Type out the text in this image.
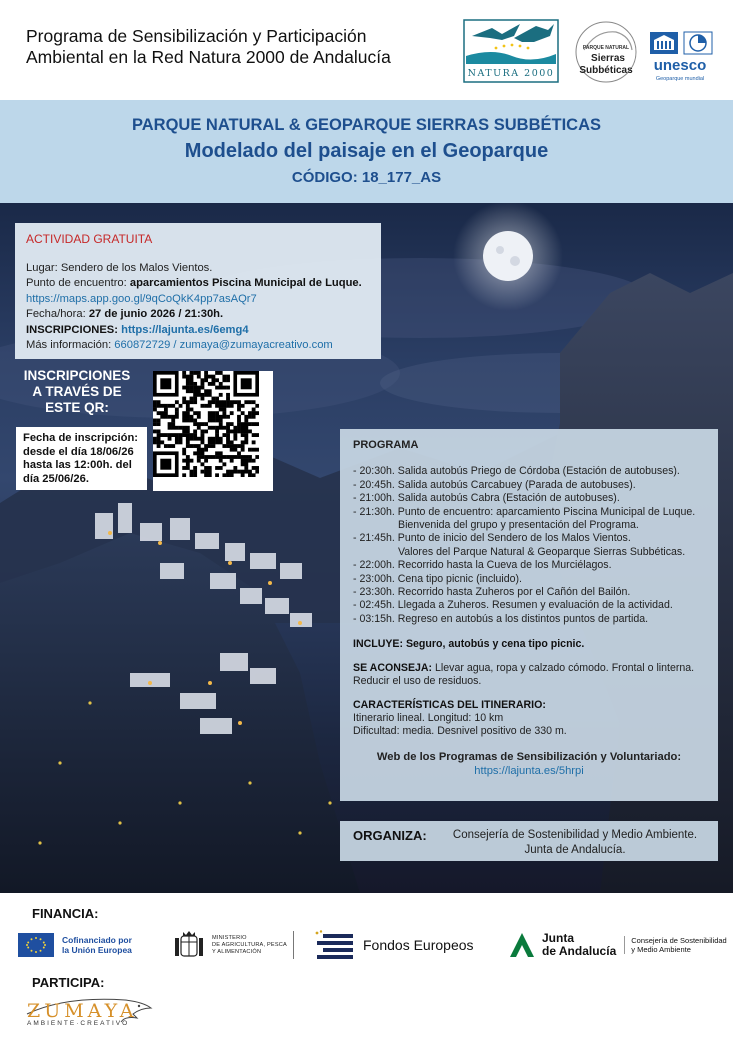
Programa de Sensibilización y Participación
Ambiental en la Red Natura 2000 de Andalucía
NATURA 2000
PARQUE NATURAL
Sierras
Subbéticas unesco
Geoparque mundial
PARQUE NATURAL & GEOPARQUE SIERRAS SUBBÉTICAS
Modelado del paisaje en el Geoparque
CÓDIGO: 18_177_AS
ACTIVIDAD GRATUITA
Lugar: Sendero de los Malos Vientos.
Punto de encuentro: aparcamientos Piscina Municipal de Luque.
https://maps.app.goo.gl/9qCoQkK4pp7asAQr7
Fecha/hora: 27 de junio 2026 / 21:30h.
INSCRIPCIONES: https://lajunta.es/6emg4
Más información: 660872729 / zumaya@zumayacreativo.com
INSCRIPCIONES
A TRAVÉS DE
ESTE QR:
Fecha de inscripción:
desde el día 18/06/26
hasta las 12:00h. del
día 25/06/26.
PROGRAMA
- 20:30h. Salida autobús Priego de Córdoba (Estación de autobuses).
- 20:45h. Salida autobús Carcabuey (Parada de autobuses).
- 21:00h. Salida autobús Cabra (Estación de autobuses).
- 21:30h. Punto de encuentro: aparcamiento Piscina Municipal de Luque.
Bienvenida del grupo y presentación del Programa.
- 21:45h. Punto de inicio del Sendero de los Malos Vientos.
Valores del Parque Natural & Geoparque Sierras Subbéticas.
- 22:00h. Recorrido hasta la Cueva de los Murciélagos.
- 23:00h. Cena tipo picnic (incluido).
- 23:30h. Recorrido hasta Zuheros por el Cañón del Bailón.
- 02:45h. Llegada a Zuheros. Resumen y evaluación de la actividad.
- 03:15h. Regreso en autobús a los distintos puntos de partida.
INCLUYE: Seguro, autobús y cena tipo picnic.
SE ACONSEJA: Llevar agua, ropa y calzado cómodo. Frontal o linterna. Reducir el uso de residuos.
CARACTERÍSTICAS DEL ITINERARIO:
Itinerario lineal. Longitud: 10 km
Dificultad: media. Desnivel positivo de 330 m.
Web de los Programas de Sensibilización y Voluntariado:
https://lajunta.es/5hrpi
ORGANIZA:	Consejería de Sostenibilidad y Medio Ambiente.
Junta de Andalucía.
FINANCIA:
Cofinanciado por
la Unión Europea
MINISTERIO
DE AGRICULTURA, PESCA
Y ALIMENTACIÓN	Fondos Europeos	Junta
de Andalucía
Consejería de Sostenibilidad
y Medio Ambiente
PARTICIPA:
ZUMAYA
AMBIENTE·CREATIVO
